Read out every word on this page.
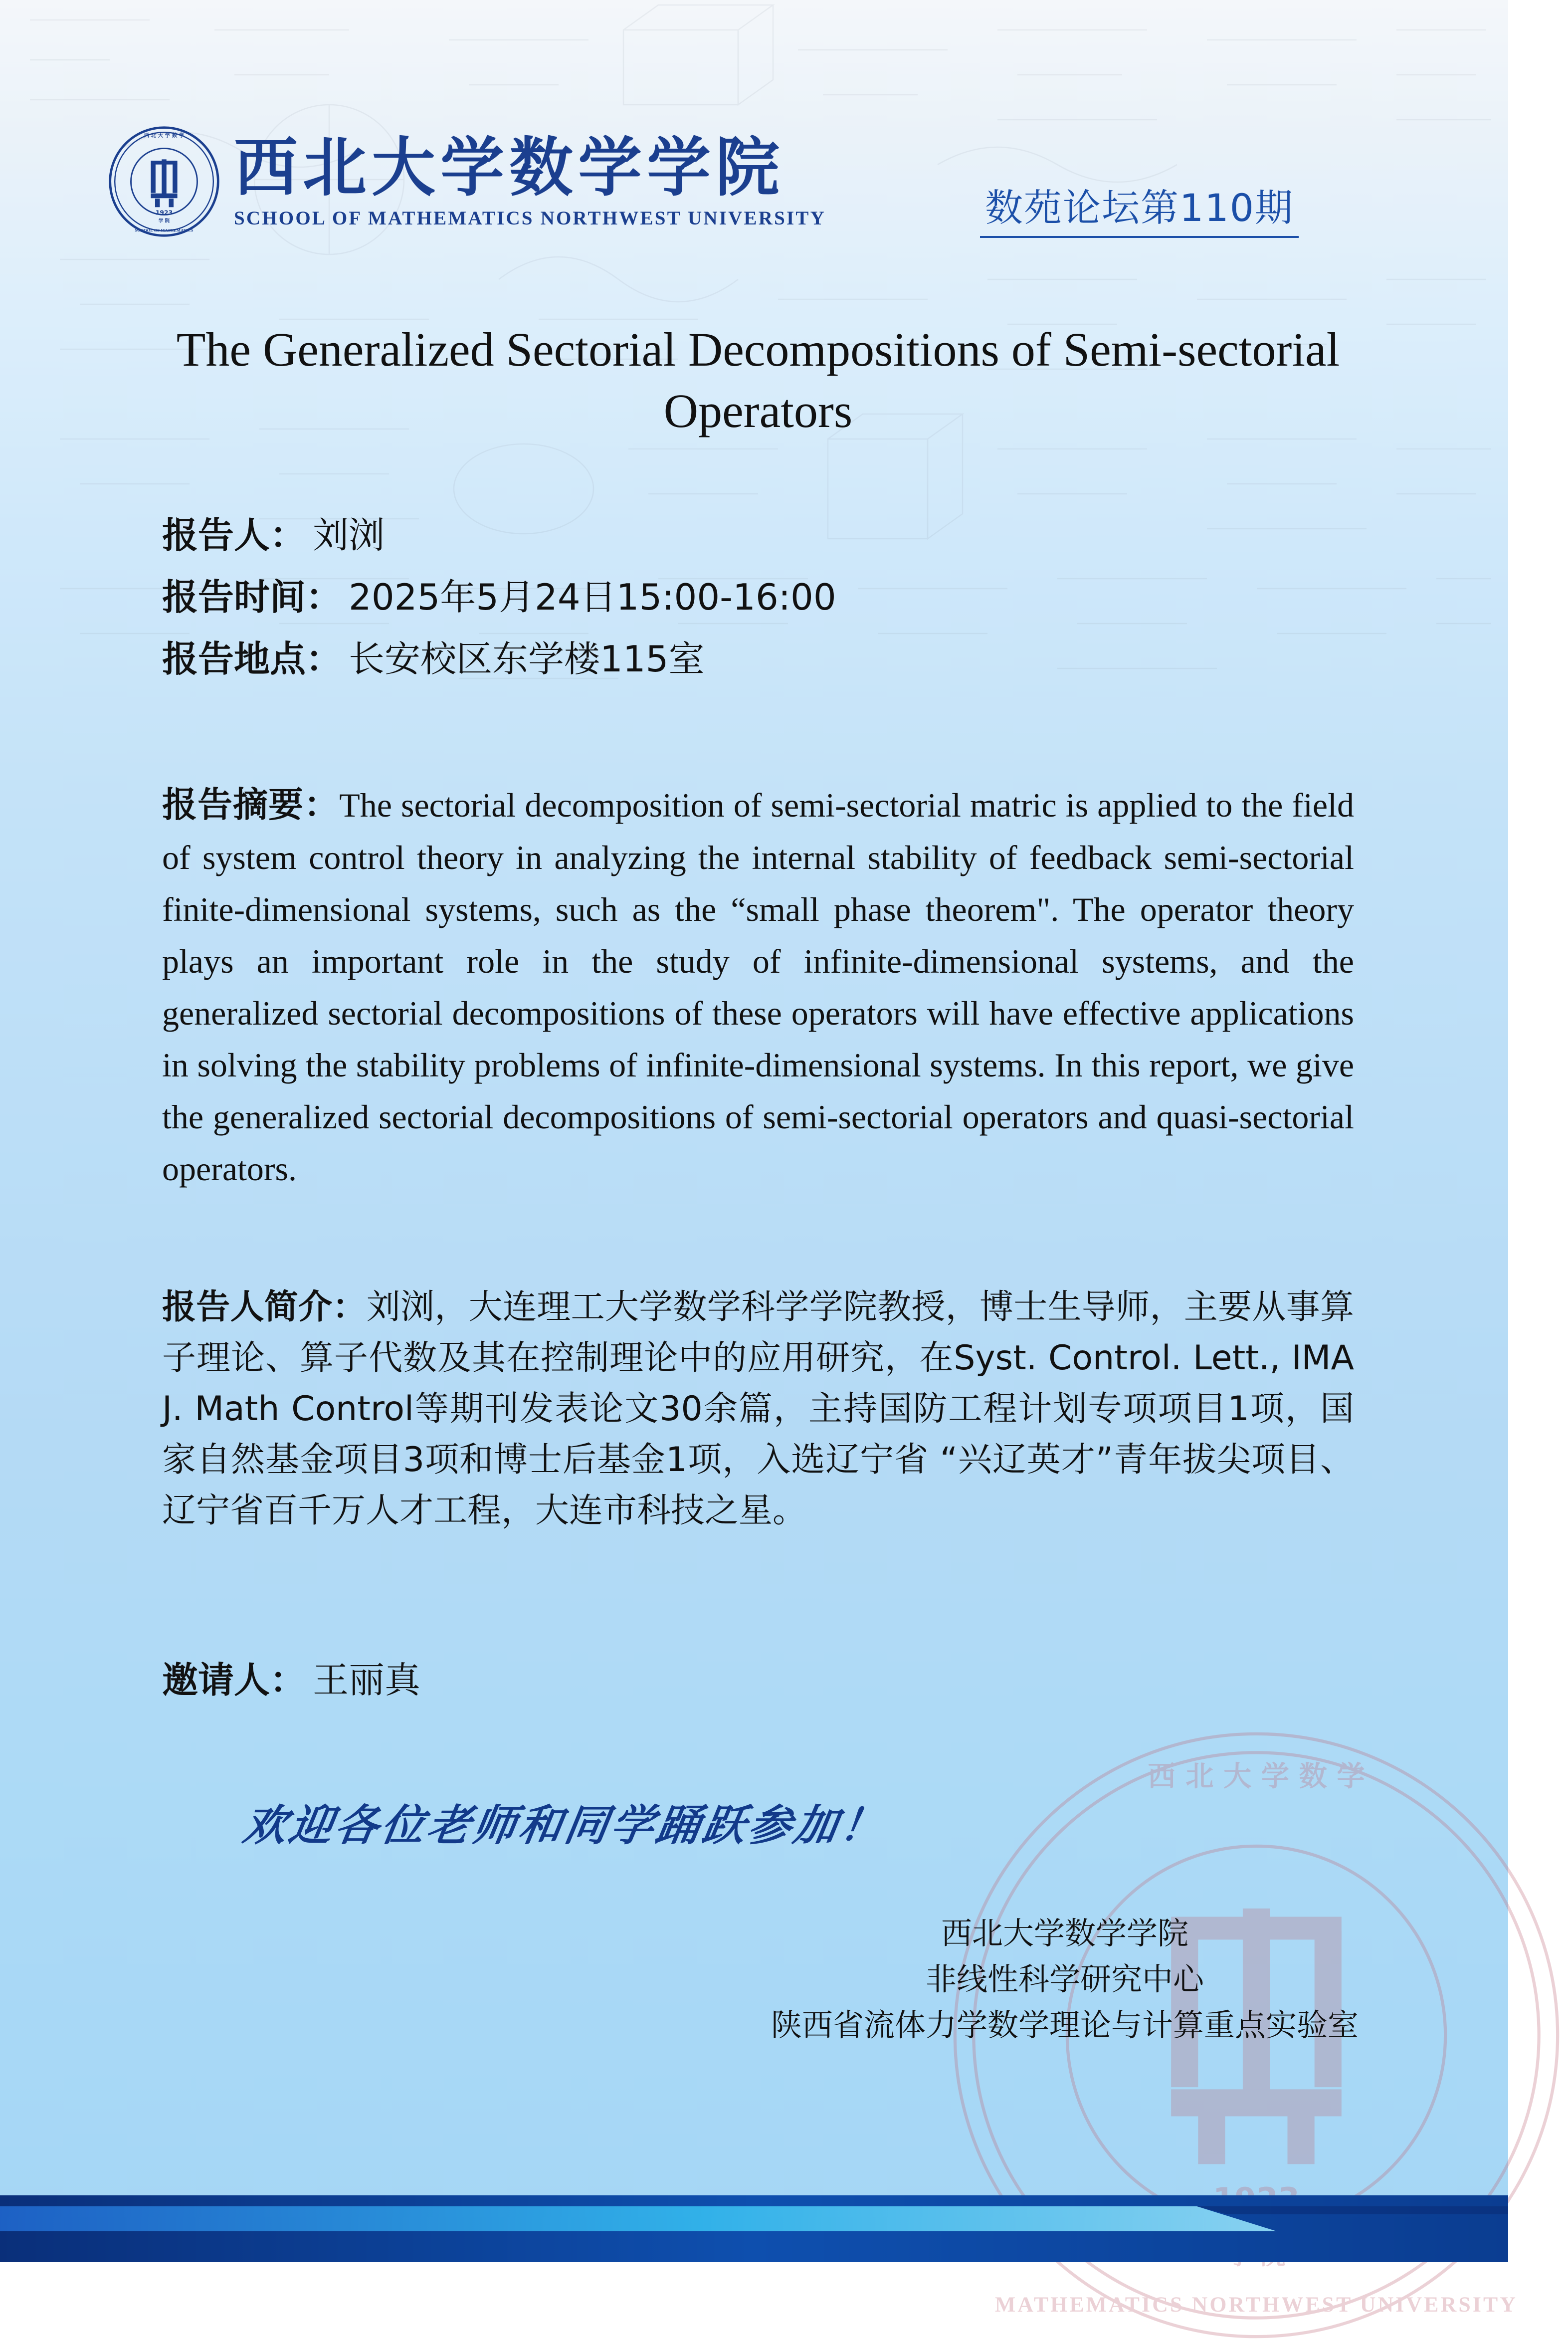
西 北 大 学 数 学
MATHEMATICS NORTHWEST UNIVERSITY
西 北 大 学 数 学
学 院
1923
SCHOOL OF MATHEMATICS
西北大学数学学院
SCHOOL OF MATHEMATICS NORTHWEST UNIVERSITY	数苑论坛第110期
The Generalized Sectorial Decompositions of Semi-sectorial Operators
报告人： 刘浏
报告时间： 2025年5月24日15:00-16:00
报告地点： 长安校区东学楼115室
报告摘要：The sectorial decomposition of semi-sectorial matric is applied to the field of system control theory in analyzing the internal stability of feedback semi-sectorial finite-dimensional systems, such as the “small phase theorem". The operator theory plays an important role in the study of infinite-dimensional systems, and the generalized sectorial decompositions of these operators will have effective applications in solving the stability problems of infinite-dimensional systems. In this report, we give the generalized sectorial decompositions of semi-sectorial operators and quasi-sectorial operators.
报告人简介：刘浏，大连理工大学数学科学学院教授，博士生导师，主要从事算子理论、算子代数及其在控制理论中的应用研究，在Syst. Control. Lett., IMA J. Math Control等期刊发表论文30余篇，主持国防工程计划专项项目1项，国家自然基金项目3项和博士后基金1项，入选辽宁省 “兴辽英才”青年拔尖项目、辽宁省百千万人才工程，大连市科技之星。
邀请人： 王丽真
欢迎各位老师和同学踊跃参加！
西北大学数学学院
非线性科学研究中心
陕西省流体力学数学理论与计算重点实验室
